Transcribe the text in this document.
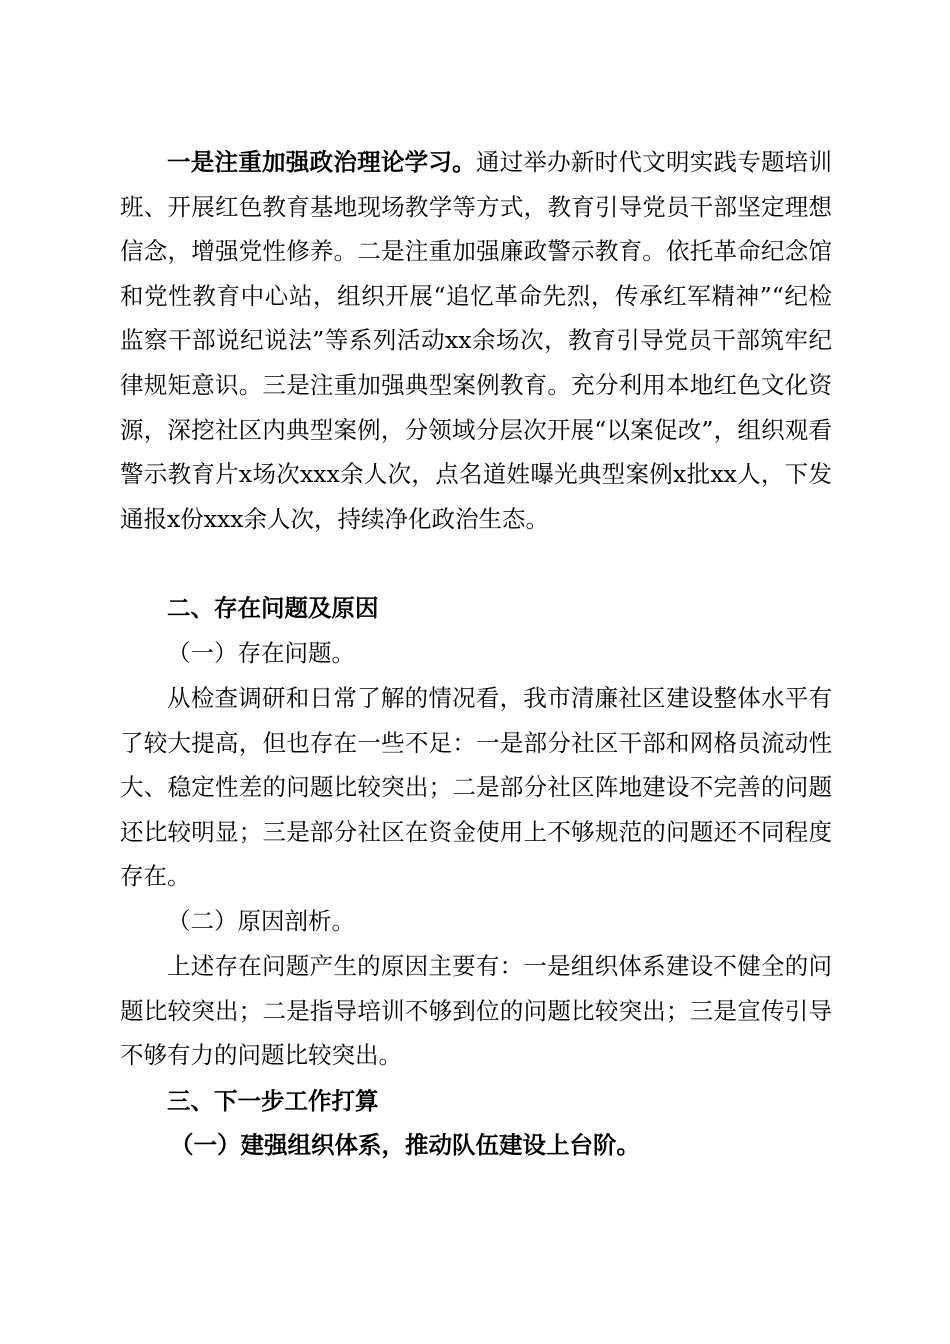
一是注重加强政治理论学习。通过举办新时代文明实践专题培训班、开展红色教育基地现场教学等方式，教育引导党员干部坚定理想信念，增强党性修养。二是注重加强廉政警示教育。依托革命纪念馆和党性教育中心站，组织开展“追忆革命先烈，传承红军精神”“纪检监察干部说纪说法”等系列活动xx余场次，教育引导党员干部筑牢纪律规矩意识。三是注重加强典型案例教育。充分利用本地红色文化资源，深挖社区内典型案例，分领域分层次开展“以案促改”，组织观看警示教育片x场次xxx余人次，点名道姓曝光典型案例x批xx人，下发通报x份xxx余人次，持续净化政治生态。

二、存在问题及原因

（一）存在问题。

从检查调研和日常了解的情况看，我市清廉社区建设整体水平有了较大提高，但也存在一些不足：一是部分社区干部和网格员流动性大、稳定性差的问题比较突出；二是部分社区阵地建设不完善的问题还比较明显；三是部分社区在资金使用上不够规范的问题还不同程度存在。

（二）原因剖析。

上述存在问题产生的原因主要有：一是组织体系建设不健全的问题比较突出；二是指导培训不够到位的问题比较突出；三是宣传引导不够有力的问题比较突出。

三、下一步工作打算

（一）建强组织体系，推动队伍建设上台阶。
